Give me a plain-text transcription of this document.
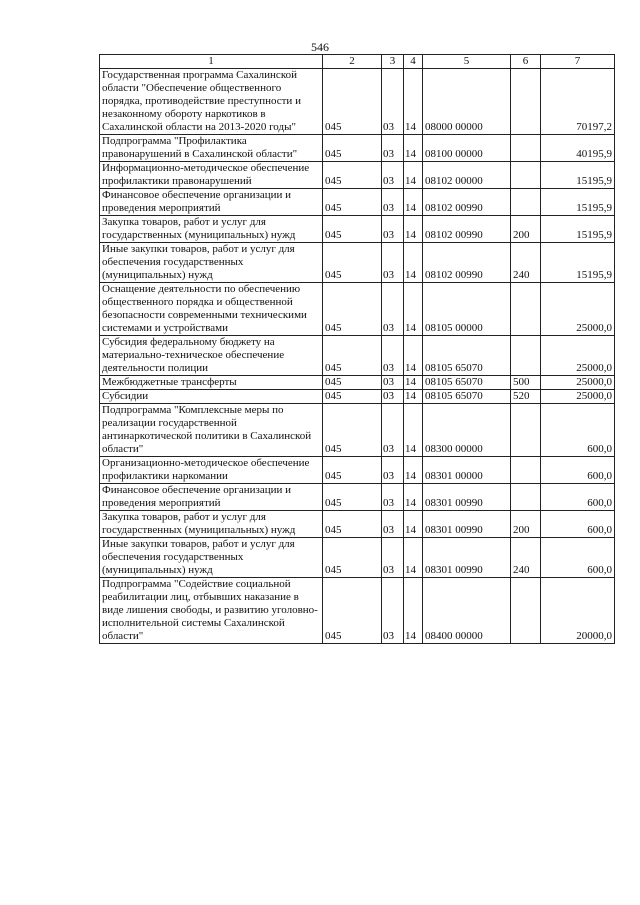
546
1	2	3	4	5	6	7
Государственная программа Сахалинской области "Обеспечение общественного порядка, противодействие преступности и незаконному обороту наркотиков в Сахалинской области на 2013-2020 годы"	045	03	14	08000 00000		70197,2
Подпрограмма "Профилактика правонарушений в Сахалинской области"	045	03	14	08100 00000		40195,9
Информационно-методическое обеспечение профилактики правонарушений	045	03	14	08102 00000		15195,9
Финансовое обеспечение организации и проведения мероприятий	045	03	14	08102 00990		15195,9
Закупка товаров, работ и услуг для государственных (муниципальных) нужд	045	03	14	08102 00990	200	15195,9
Иные закупки товаров, работ и услуг для обеспечения государственных (муниципальных) нужд	045	03	14	08102 00990	240	15195,9
Оснащение деятельности по обеспечению общественного порядка и общественной безопасности современными техническими системами и устройствами	045	03	14	08105 00000		25000,0
Субсидия федеральному бюджету на материально-техническое обеспечение деятельности полиции	045	03	14	08105 65070		25000,0
Межбюджетные трансферты	045	03	14	08105 65070	500	25000,0
Субсидии	045	03	14	08105 65070	520	25000,0
Подпрограмма "Комплексные меры по реализации государственной антинаркотической политики в Сахалинской области"	045	03	14	08300 00000		600,0
Организационно-методическое обеспечение профилактики наркомании	045	03	14	08301 00000		600,0
Финансовое обеспечение организации и проведения мероприятий	045	03	14	08301 00990		600,0
Закупка товаров, работ и услуг для государственных (муниципальных) нужд	045	03	14	08301 00990	200	600,0
Иные закупки товаров, работ и услуг для обеспечения государственных (муниципальных) нужд	045	03	14	08301 00990	240	600,0
Подпрограмма "Содействие социальной реабилитации лиц, отбывших наказание в виде лишения свободы, и развитию уголовно-исполнительной системы Сахалинской области"	045	03	14	08400 00000		20000,0
